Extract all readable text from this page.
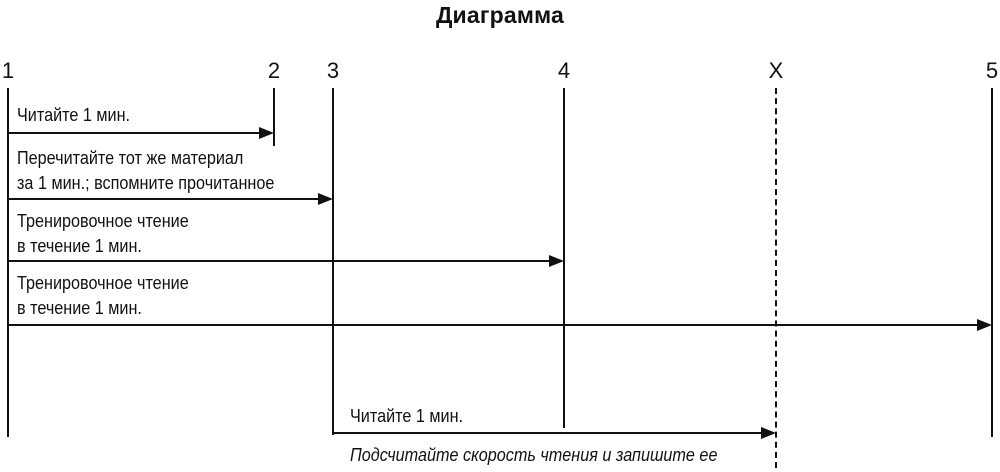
Диаграмма
1	2 3	4	X	5
Читайте 1 мин.
Перечитайте тот же материал
за 1 мин.; вспомните прочитанное
Тренировочное чтение
в течение 1 мин.
Тренировочное чтение
в течение 1 мин.
Читайте 1 мин.
Подсчитайте скорость чтения и запишите ее
